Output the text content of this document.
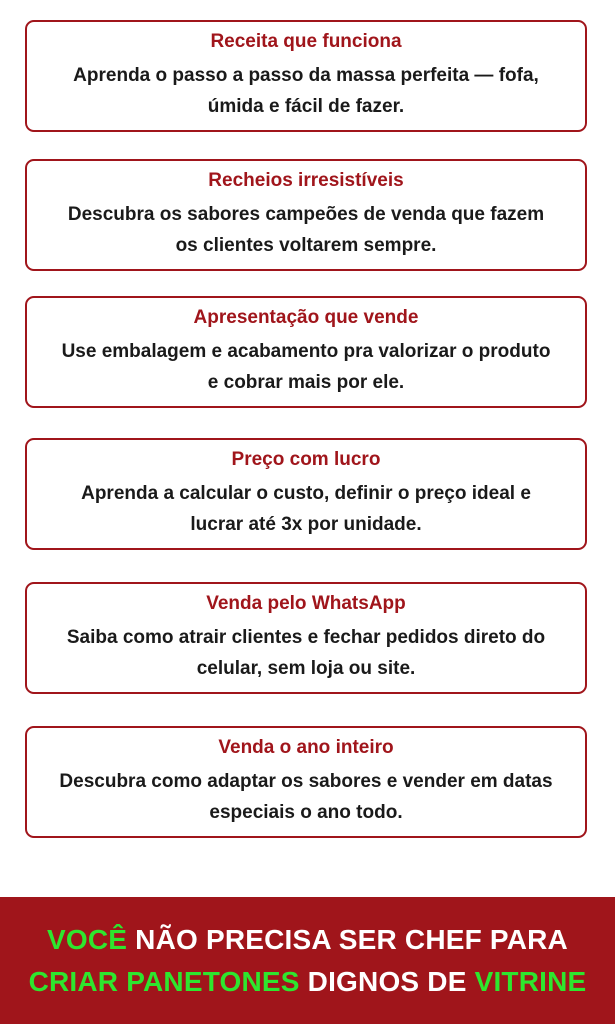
Receita que funciona
Aprenda o passo a passo da massa perfeita — fofa, úmida e fácil de fazer.
Recheios irresistíveis
Descubra os sabores campeões de venda que fazem os clientes voltarem sempre.
Apresentação que vende
Use embalagem e acabamento pra valorizar o produto e cobrar mais por ele.
Preço com lucro
Aprenda a calcular o custo, definir o preço ideal e lucrar até 3x por unidade.
Venda pelo WhatsApp
Saiba como atrair clientes e fechar pedidos direto do celular, sem loja ou site.
Venda o ano inteiro
Descubra como adaptar os sabores e vender em datas especiais o ano todo.
VOCÊ NÃO PRECISA SER CHEF PARA
CRIAR PANETONES DIGNOS DE VITRINE
